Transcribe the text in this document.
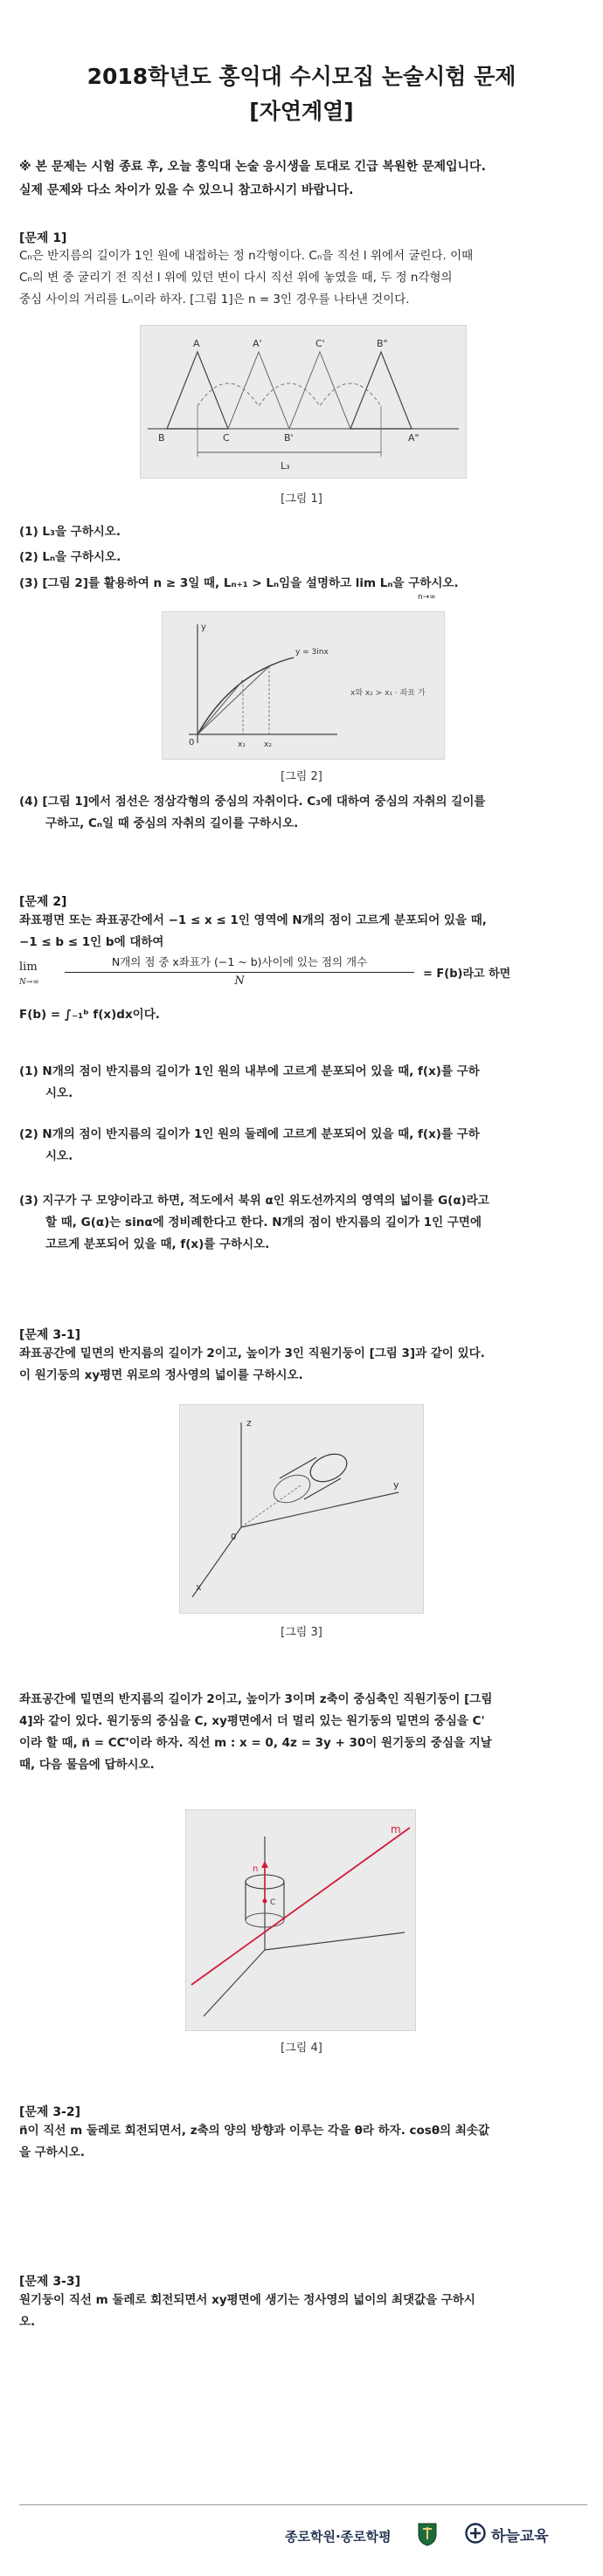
2018학년도 홍익대 수시모집 논술시험 문제
[자연계열]
※ 본 문제는 시험 종료 후, 오늘 홍익대 논술 응시생을 토대로 긴급 복원한 문제입니다.
실제 문제와 다소 차이가 있을 수 있으니 참고하시기 바랍니다.
[문제 1]
Cₙ은 반지름의 길이가 1인 원에 내접하는 정 n각형이다. Cₙ을 직선 l 위에서 굴린다. 이때
Cₙ의 변 중 굴리기 전 직선 l 위에 있던 변이 다시 직선 위에 놓였을 때, 두 정 n각형의
중심 사이의 거리를 Lₙ이라 하자. [그림 1]은 n = 3인 경우를 나타낸 것이다.
A
B	C
A'	C'
B'
B"
A"
L₃
[그림 1]
(1) L₃을 구하시오.
(2) Lₙ을 구하시오.
(3) [그림 2]를 활용하여 n ≥ 3일 때, Lₙ₊₁ > Lₙ임을 설명하고 lim Lₙ을 구하시오.
n→∞
y
0	x₁ x₂
y = 3inx
x와 x₂ > x₁ · 좌표 가
[그림 2]
(4) [그림 1]에서 점선은 정삼각형의 중심의 자취이다. C₃에 대하여 중심의 자취의 길이를
구하고, Cₙ일 때 중심의 자취의 길이를 구하시오.
[문제 2]
좌표평면 또는 좌표공간에서 −1 ≤ x ≤ 1인 영역에 N개의 점이 고르게 분포되어 있을 때,
−1 ≤ b ≤ 1인 b에 대하여
lim
N→∞
N개의 점 중 x좌표가 (−1 ~ b)사이에 있는 점의 개수
N
= F(b)라고 하면
F(b) = ∫₋₁ᵇ f(x)dx이다.
(1) N개의 점이 반지름의 길이가 1인 원의 내부에 고르게 분포되어 있을 때, f(x)를 구하
시오.
(2) N개의 점이 반지름의 길이가 1인 원의 둘레에 고르게 분포되어 있을 때, f(x)를 구하
시오.
(3) 지구가 구 모양이라고 하면, 적도에서 북위 α인 위도선까지의 영역의 넓이를 G(α)라고
할 때, G(α)는 sinα에 정비례한다고 한다. N개의 점이 반지름의 길이가 1인 구면에
고르게 분포되어 있을 때, f(x)를 구하시오.
[문제 3-1]
좌표공간에 밑면의 반지름의 길이가 2이고, 높이가 3인 직원기둥이 [그림 3]과 같이 있다.
이 원기둥의 xy평면 위로의 정사영의 넓이를 구하시오.
z
y
x
0
[그림 3]
좌표공간에 밑면의 반지름의 길이가 2이고, 높이가 3이며 z축이 중심축인 직원기둥이 [그림
4]와 같이 있다. 원기둥의 중심을 C, xy평면에서 더 멀리 있는 원기둥의 밑면의 중심을 C'
이라 할 때, n⃗ = CC'⃗이라 하자. 직선 m : x = 0, 4z = 3y + 30이 원기둥의 중심을 지날
때, 다음 물음에 답하시오.
m
n
C
[그림 4]
[문제 3-2]
n⃗이 직선 m 둘레로 회전되면서, z축의 양의 방향과 이루는 각을 θ라 하자. cosθ의 최솟값
을 구하시오.
[문제 3-3]
원기둥이 직선 m 둘레로 회전되면서 xy평면에 생기는 정사영의 넓이의 최댓값을 구하시
오.
종로학원·종로학평	하늘교육
